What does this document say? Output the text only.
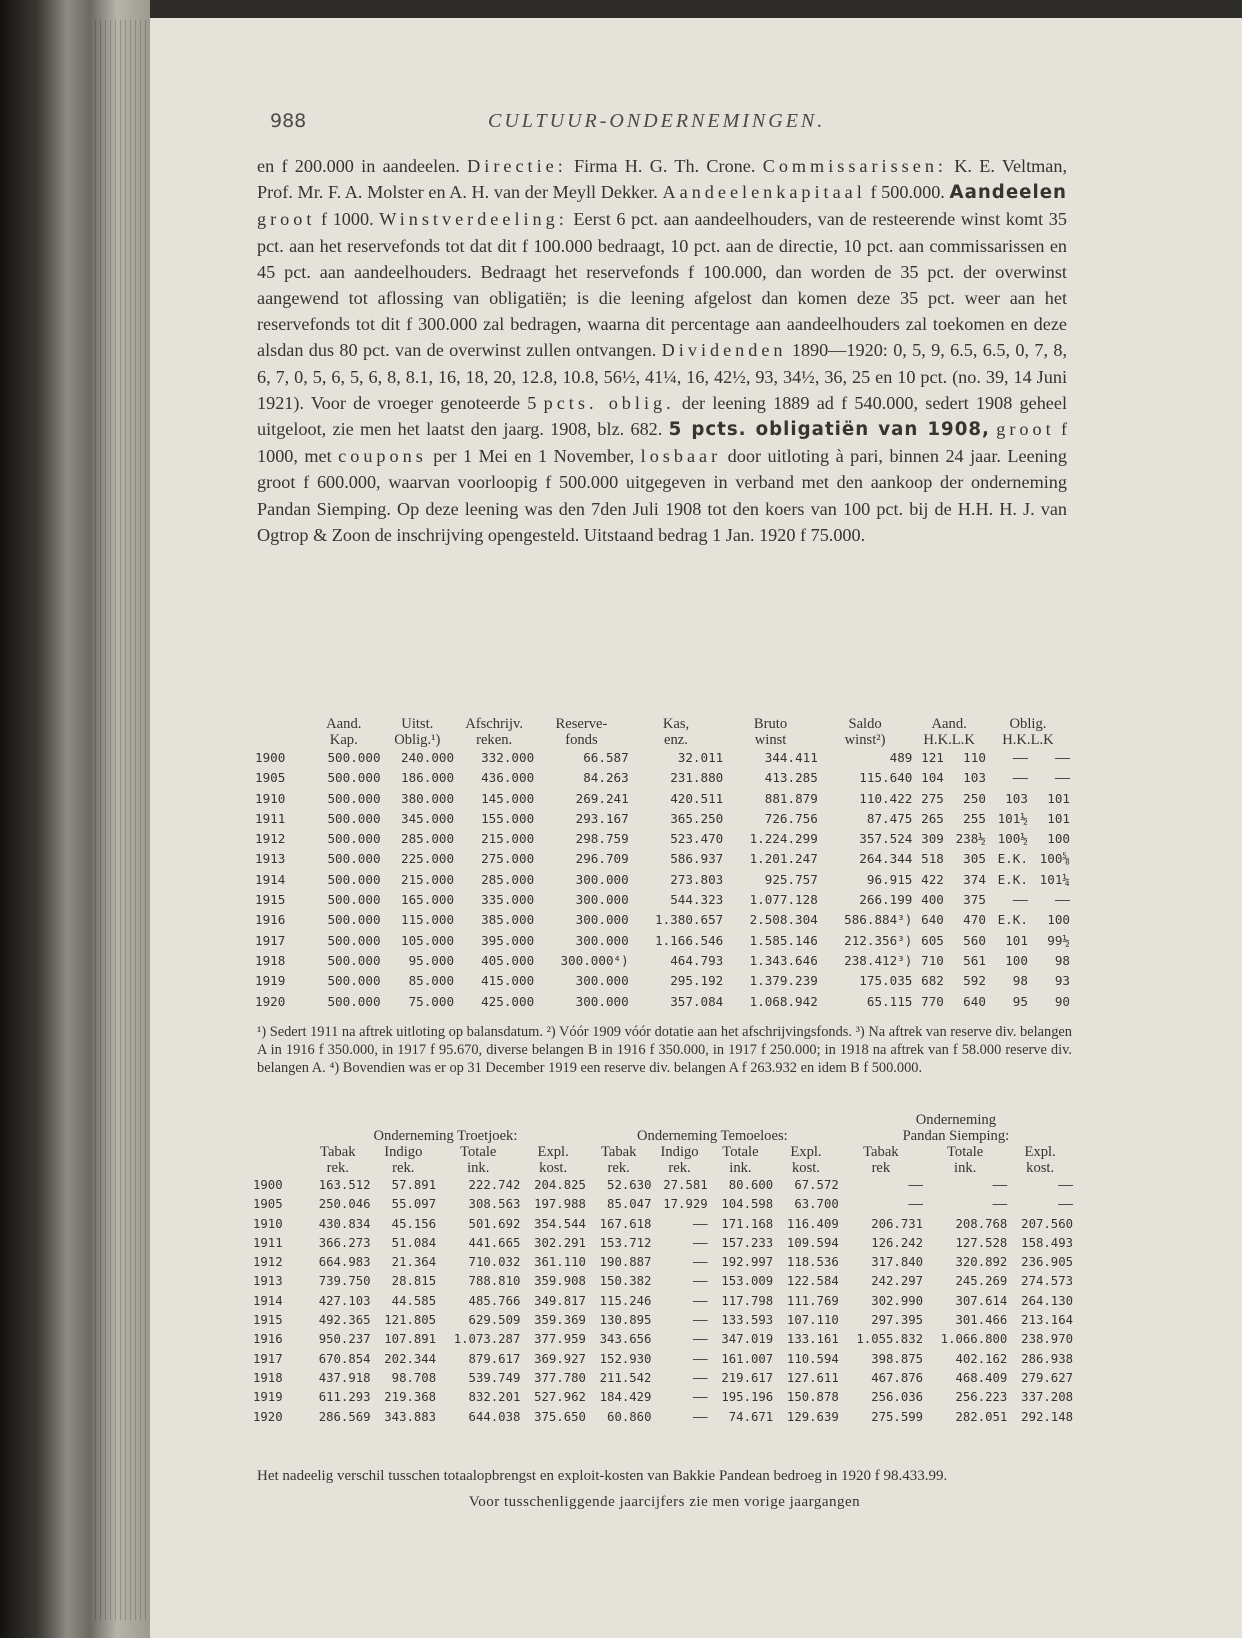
988	CULTUUR-ONDERNEMINGEN.

en f 200.000 in aandeelen. Directie: Firma H. G. Th. Crone. Commissarissen: K. E. Veltman, Prof. Mr. F. A. Molster en A. H. van der Meyll Dekker. Aandeelenkapitaal f 500.000. Aandeelen groot f 1000. Winstverdeeling: Eerst 6 pct. aan aandeelhouders, van de resteerende winst komt 35 pct. aan het reservefonds tot dat dit f 100.000 bedraagt, 10 pct. aan de directie, 10 pct. aan commissarissen en 45 pct. aan aandeelhouders. Bedraagt het reservefonds f 100.000, dan worden de 35 pct. der overwinst aangewend tot aflossing van obligatiën; is die leening afgelost dan komen deze 35 pct. weer aan het reservefonds tot dit f 300.000 zal bedragen, waarna dit percentage aan aandeelhouders zal toekomen en deze alsdan dus 80 pct. van de overwinst zullen ontvangen. Dividenden 1890—1920: 0, 5, 9, 6.5, 6.5, 0, 7, 8, 6, 7, 0, 5, 6, 5, 6, 8, 8.1, 16, 18, 20, 12.8, 10.8, 56½, 41¼, 16, 42½, 93, 34½, 36, 25 en 10 pct. (no. 39, 14 Juni 1921). Voor de vroeger genoteerde 5 pcts. oblig. der leening 1889 ad f 540.000, sedert 1908 geheel uitgeloot, zie men het laatst den jaarg. 1908, blz. 682. 5 pcts. obligatiën van 1908, groot f 1000, met coupons per 1 Mei en 1 November, losbaar door uitloting à pari, binnen 24 jaar. Leening groot f 600.000, waarvan voorloopig f 500.000 uitgegeven in verband met den aankoop der onderneming Pandan Siemping. Op deze leening was den 7den Juli 1908 tot den koers van 100 pct. bij de H.H. H. J. van Ogtrop & Zoon de inschrijving opengesteld. Uitstaand bedrag 1 Jan. 1920 f 75.000.

	Aand.	Uitst.	Afschrijv.	Reserve-	Kas,	Bruto	Saldo	Aand.		Oblig.	
	Kap.	Oblig.¹)	reken.	fonds	enz.	winst	winst²)	H.K.L.K		H.K.L.K	
1900	500.000	240.000	332.000	66.587	32.011	344.411	489	121	110	——	——
1905	500.000	186.000	436.000	84.263	231.880	413.285	115.640	104	103	——	——
1910	500.000	380.000	145.000	269.241	420.511	881.879	110.422	275	250	103	101
1911	500.000	345.000	155.000	293.167	365.250	726.756	87.475	265	255	101½	101
1912	500.000	285.000	215.000	298.759	523.470	1.224.299	357.524	309	238½	100½	100
1913	500.000	225.000	275.000	296.709	586.937	1.201.247	264.344	518	305	E.K.	100⅝
1914	500.000	215.000	285.000	300.000	273.803	925.757	96.915	422	374	E.K.	101¼
1915	500.000	165.000	335.000	300.000	544.323	1.077.128	266.199	400	375	——	——
1916	500.000	115.000	385.000	300.000	1.380.657	2.508.304	586.884³)	640	470	E.K.	100
1917	500.000	105.000	395.000	300.000	1.166.546	1.585.146	212.356³)	605	560	101	99½
1918	500.000	95.000	405.000	300.000⁴)	464.793	1.343.646	238.412³)	710	561	100	98
1919	500.000	85.000	415.000	300.000	295.192	1.379.239	175.035	682	592	98	93
1920	500.000	75.000	425.000	300.000	357.084	1.068.942	65.115	770	640	95	90

¹) Sedert 1911 na aftrek uitloting op balansdatum. ²) Vóór 1909 vóór dotatie aan het afschrijvingsfonds. ³) Na aftrek van reserve div. belangen A in 1916 f 350.000, in 1917 f 95.670, diverse belangen B in 1916 f 350.000, in 1917 f 250.000; in 1918 na aftrek van f 58.000 reserve div. belangen A. ⁴) Bovendien was er op 31 December 1919 een reserve div. belangen A f 263.932 en idem B f 500.000.

									Onderneming		
	Onderneming Troetjoek:				Onderneming Temoeloes:				Pandan Siemping:		
	Tabak	Indigo	Totale	Expl.	Tabak	Indigo	Totale	Expl.	Tabak	Totale	Expl.
	rek.	rek.	ink.	kost.	rek.	rek.	ink.	kost.	rek	ink.	kost.
1900	163.512	57.891	222.742	204.825	52.630	27.581	80.600	67.572	——	——	——
1905	250.046	55.097	308.563	197.988	85.047	17.929	104.598	63.700	——	——	——
1910	430.834	45.156	501.692	354.544	167.618	——	171.168	116.409	206.731	208.768	207.560
1911	366.273	51.084	441.665	302.291	153.712	——	157.233	109.594	126.242	127.528	158.493
1912	664.983	21.364	710.032	361.110	190.887	——	192.997	118.536	317.840	320.892	236.905
1913	739.750	28.815	788.810	359.908	150.382	——	153.009	122.584	242.297	245.269	274.573
1914	427.103	44.585	485.766	349.817	115.246	——	117.798	111.769	302.990	307.614	264.130
1915	492.365	121.805	629.509	359.369	130.895	——	133.593	107.110	297.395	301.466	213.164
1916	950.237	107.891	1.073.287	377.959	343.656	——	347.019	133.161	1.055.832	1.066.800	238.970
1917	670.854	202.344	879.617	369.927	152.930	——	161.007	110.594	398.875	402.162	286.938
1918	437.918	98.708	539.749	377.780	211.542	——	219.617	127.611	467.876	468.409	279.627
1919	611.293	219.368	832.201	527.962	184.429	——	195.196	150.878	256.036	256.223	337.208
1920	286.569	343.883	644.038	375.650	60.860	——	74.671	129.639	275.599	282.051	292.148

Het nadeelig verschil tusschen totaalopbrengst en exploit-kosten van Bakkie Pandean bedroeg in 1920 f 98.433.99.

Voor tusschenliggende jaarcijfers zie men vorige jaargangen
